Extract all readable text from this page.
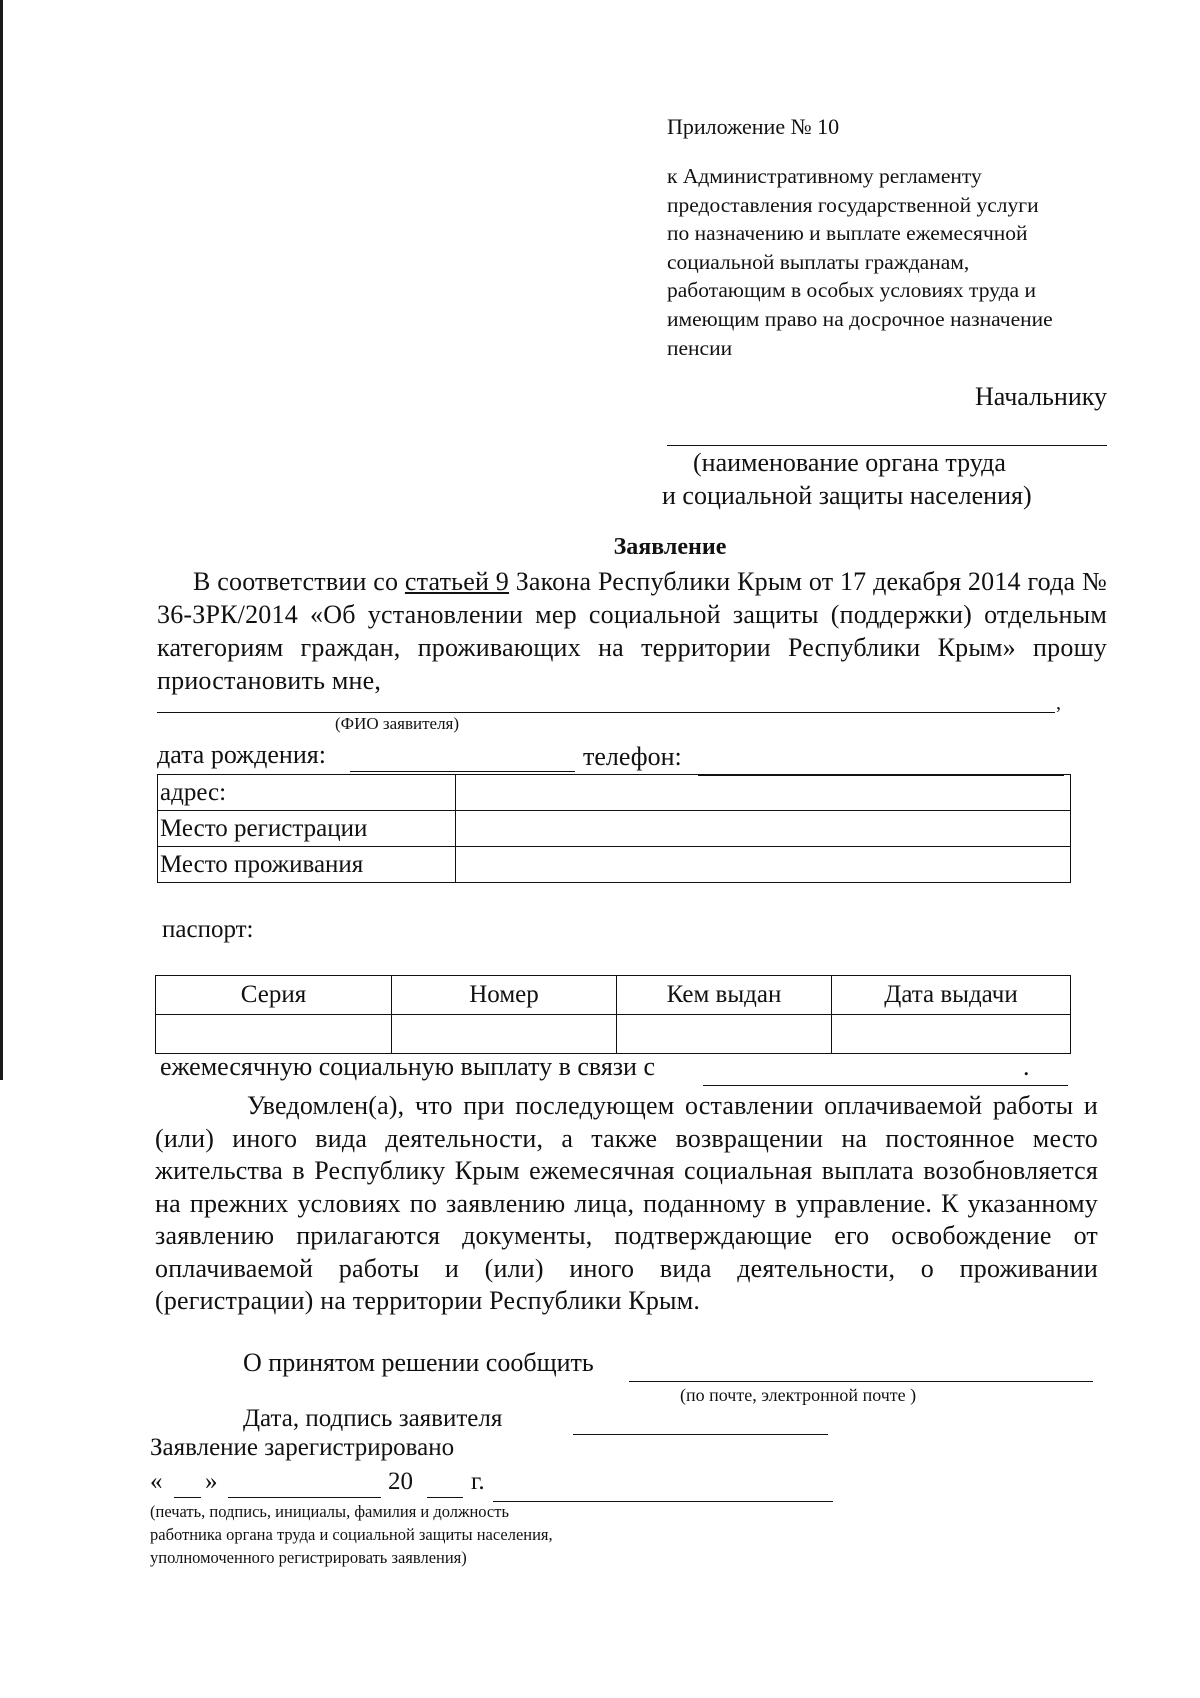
Приложение № 10
к Административному регламенту
предоставления государственной услуги
по назначению и выплате ежемесячной
социальной выплаты гражданам,
работающим в особых условиях труда и
имеющим право на досрочное назначение
пенсии
Начальнику
(наименование органа труда
и социальной защиты населения)
Заявление
В соответствии со статьей 9 Закона Республики Крым от 17 декабря 2014 года № 36-ЗРК/2014 «Об установлении мер социальной защиты (поддержки) отдельным категориям граждан, проживающих на территории Республики Крым» прошу приостановить мне,
,
(ФИО заявителя)
дата рождения:	телефон:
адрес:	
Место регистрации	
Место проживания	
паспорт:
Серия	Номер	Кем выдан	Дата выдачи

ежемесячную социальную выплату в связи с	.
Уведомлен(а), что при последующем оставлении оплачиваемой работы и (или) иного вида деятельности, а также возвращении на постоянное место жительства в Республику Крым ежемесячная социальная выплата возобновляется на прежних условиях по заявлению лица, поданному в управление. К указанному заявлению прилагаются документы, подтверждающие его освобождение от оплачиваемой работы и (или) иного вида деятельности, о проживании (регистрации) на территории Республики Крым.
О принятом решении сообщить
(по почте, электронной почте )
Дата, подпись заявителя
Заявление зарегистрировано
« »	20 г.
(печать, подпись, инициалы, фамилия и должность
работника органа труда и социальной защиты населения,
уполномоченного регистрировать заявления)
